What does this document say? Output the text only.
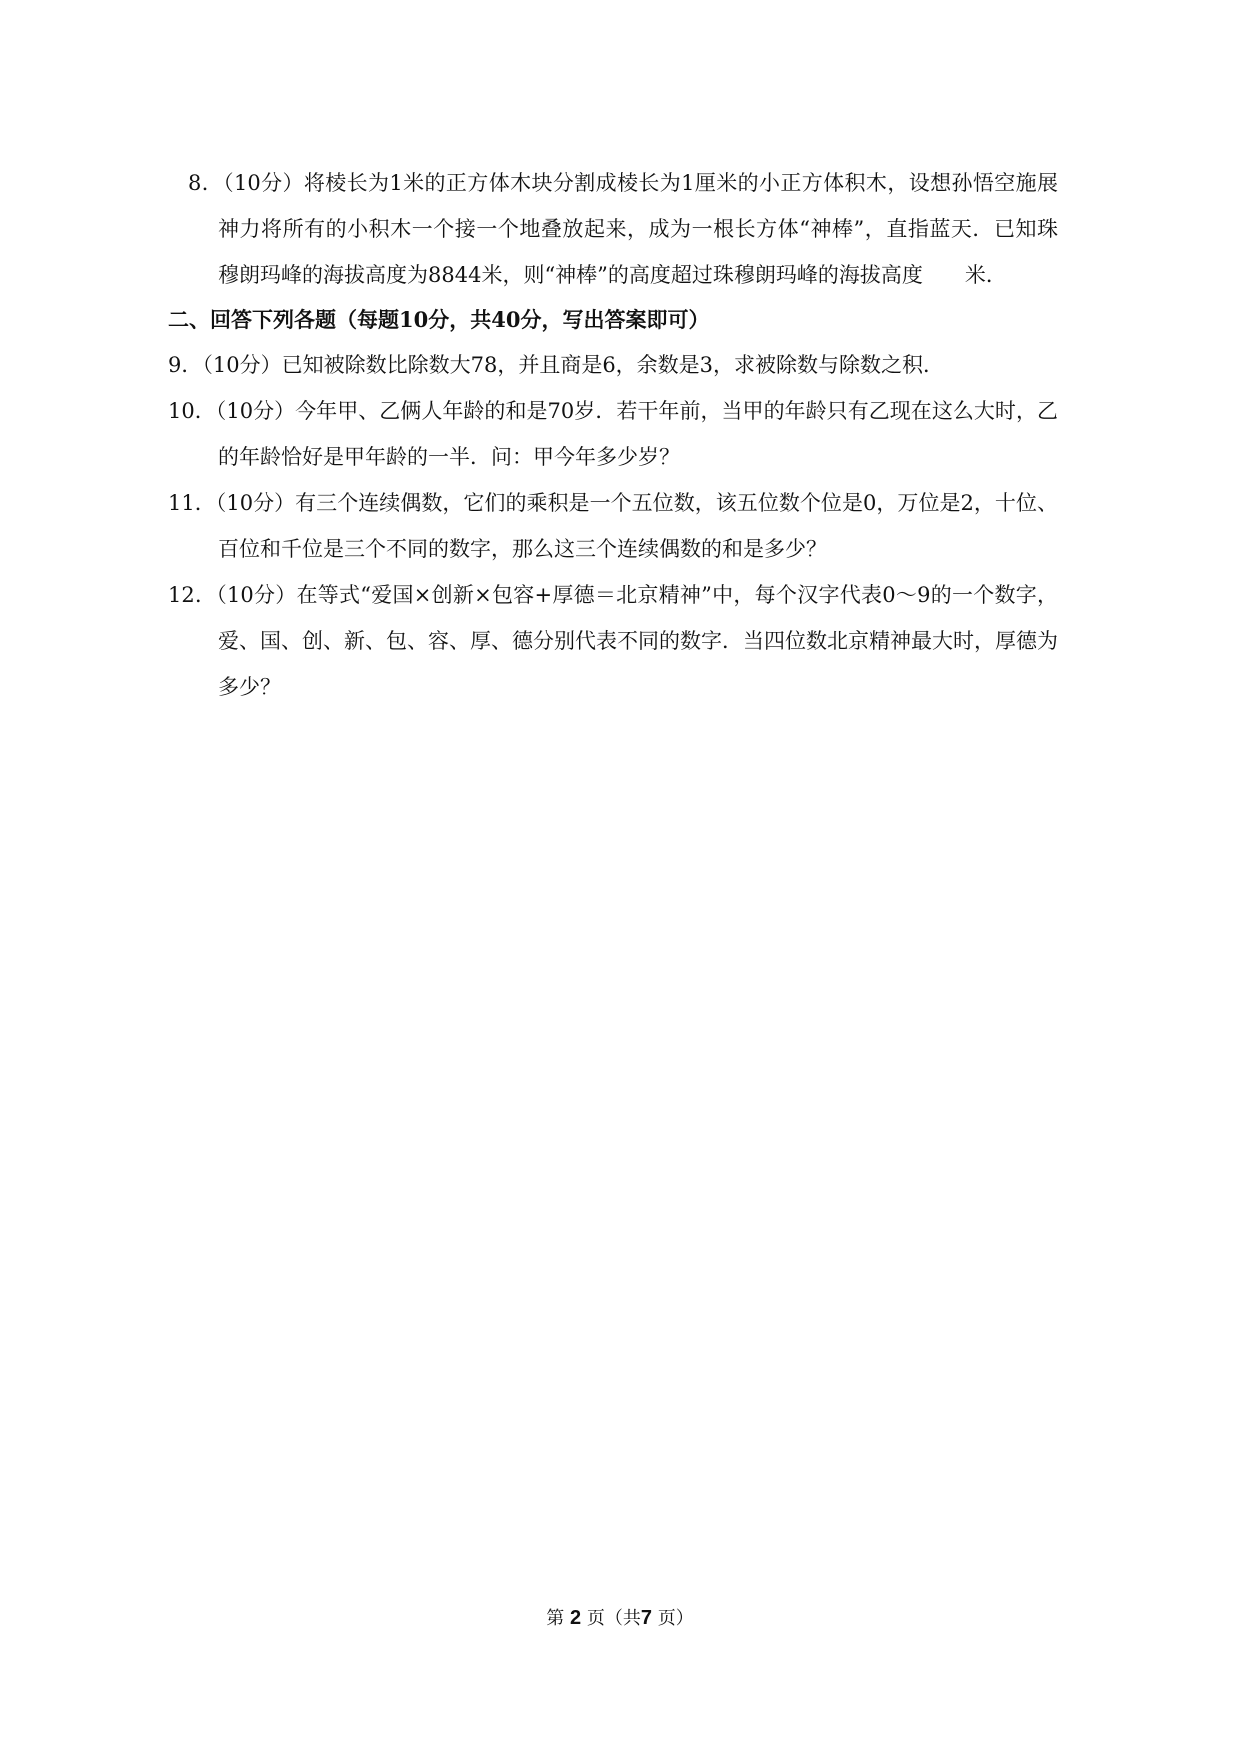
8．（10分）将棱长为1米的正方体木块分割成棱长为1厘米的小正方体积木，设想孙悟空施展神力将所有的小积木一个接一个地叠放起来，成为一根长方体“神棒”，直指蓝天．已知珠穆朗玛峰的海拔高度为8844米，则“神棒”的高度超过珠穆朗玛峰的海拔高度　　米．
二、回答下列各题（每题10分，共40分，写出答案即可）
9．（10分）已知被除数比除数大78，并且商是6，余数是3，求被除数与除数之积．
10．（10分）今年甲、乙俩人年龄的和是70岁．若干年前，当甲的年龄只有乙现在这么大时，乙的年龄恰好是甲年龄的一半．问：甲今年多少岁？
11．（10分）有三个连续偶数，它们的乘积是一个五位数，该五位数个位是0，万位是2，十位、百位和千位是三个不同的数字，那么这三个连续偶数的和是多少？
12．（10分）在等式“爱国×创新×包容+厚德＝北京精神”中，每个汉字代表0～9的一个数字，爱、国、创、新、包、容、厚、德分别代表不同的数字．当四位数北京精神最大时，厚德为多少？
第 2 页（共7 页）
